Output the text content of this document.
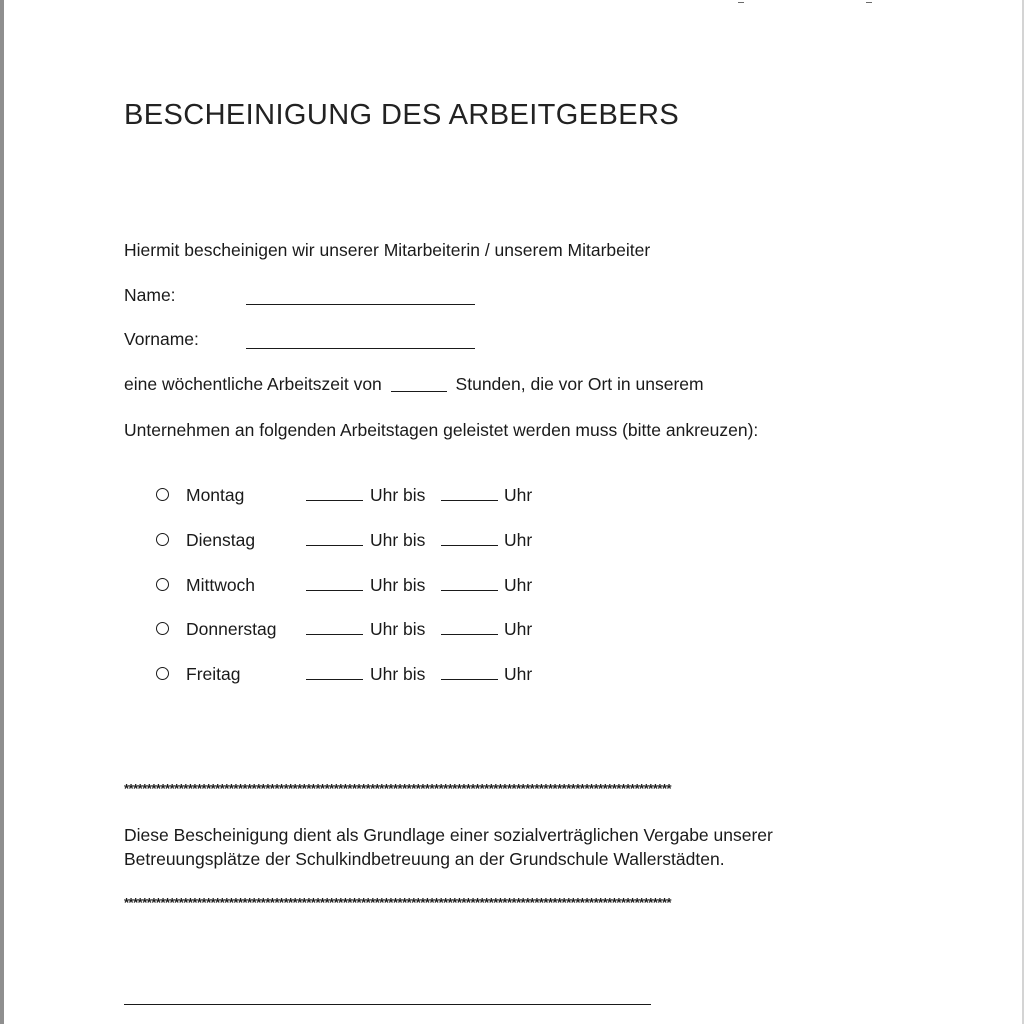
BESCHEINIGUNG DES ARBEITGEBERS
Hiermit bescheinigen wir unserer Mitarbeiterin / unserem Mitarbeiter
Name:
Vorname:
eine wöchentliche Arbeitszeit von	Stunden, die vor Ort in unserem
Unternehmen an folgenden Arbeitstagen geleistet werden muss (bitte ankreuzen):
Montag	Uhr bis	Uhr
Dienstag	Uhr bis	Uhr
Mittwoch	Uhr bis	Uhr
Donnerstag	Uhr bis	Uhr
Freitag	Uhr bis	Uhr
************************************************************************************************************************
Diese Bescheinigung dient als Grundlage einer sozialverträglichen Vergabe unserer
Betreuungsplätze der Schulkindbetreuung an der Grundschule Wallerstädten.
************************************************************************************************************************
